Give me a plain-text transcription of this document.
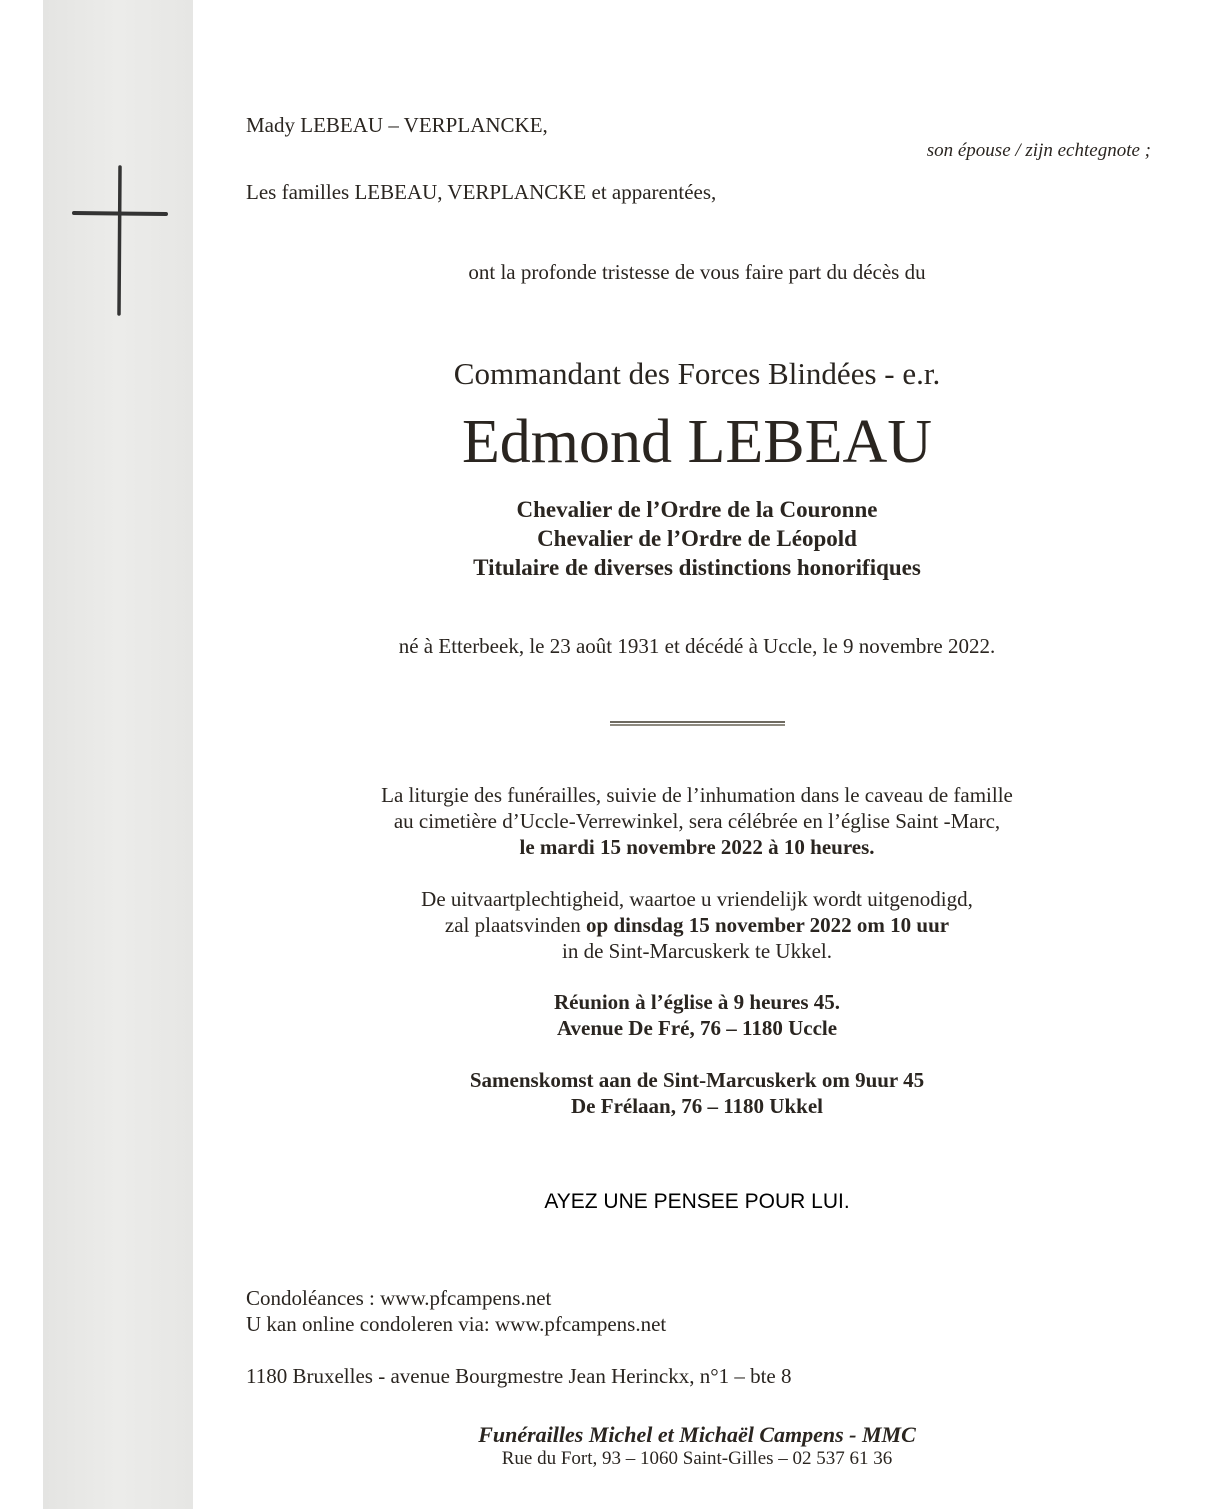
Mady LEBEAU – VERPLANCKE,
son épouse / zijn echtegnote ;
Les familles LEBEAU, VERPLANCKE et apparentées,
ont la profonde tristesse de vous faire part du décès du
Commandant des Forces Blindées - e.r.
Edmond LEBEAU
Chevalier de l’Ordre de la Couronne
Chevalier de l’Ordre de Léopold
Titulaire de diverses distinctions honorifiques
né à Etterbeek, le 23 août 1931 et décédé à Uccle, le 9 novembre 2022.
La liturgie des funérailles, suivie de l’inhumation dans le caveau de famille
au cimetière d’Uccle-Verrewinkel, sera célébrée en l’église Saint -Marc,
le mardi 15 novembre 2022 à 10 heures.
De uitvaartplechtigheid, waartoe u vriendelijk wordt uitgenodigd,
zal plaatsvinden op dinsdag 15 november 2022 om 10 uur
in de Sint-Marcuskerk te Ukkel.
Réunion à l’église à 9 heures 45.
Avenue De Fré, 76 – 1180 Uccle
Samenskomst aan de Sint-Marcuskerk om 9uur 45
De Frélaan, 76 – 1180 Ukkel
AYEZ UNE PENSEE POUR LUI.
Condoléances : www.pfcampens.net
U kan online condoleren via: www.pfcampens.net
1180 Bruxelles - avenue Bourgmestre Jean Herinckx, n°1 – bte 8
Funérailles Michel et Michaël Campens - MMC
Rue du Fort, 93 – 1060 Saint-Gilles – 02 537 61 36
